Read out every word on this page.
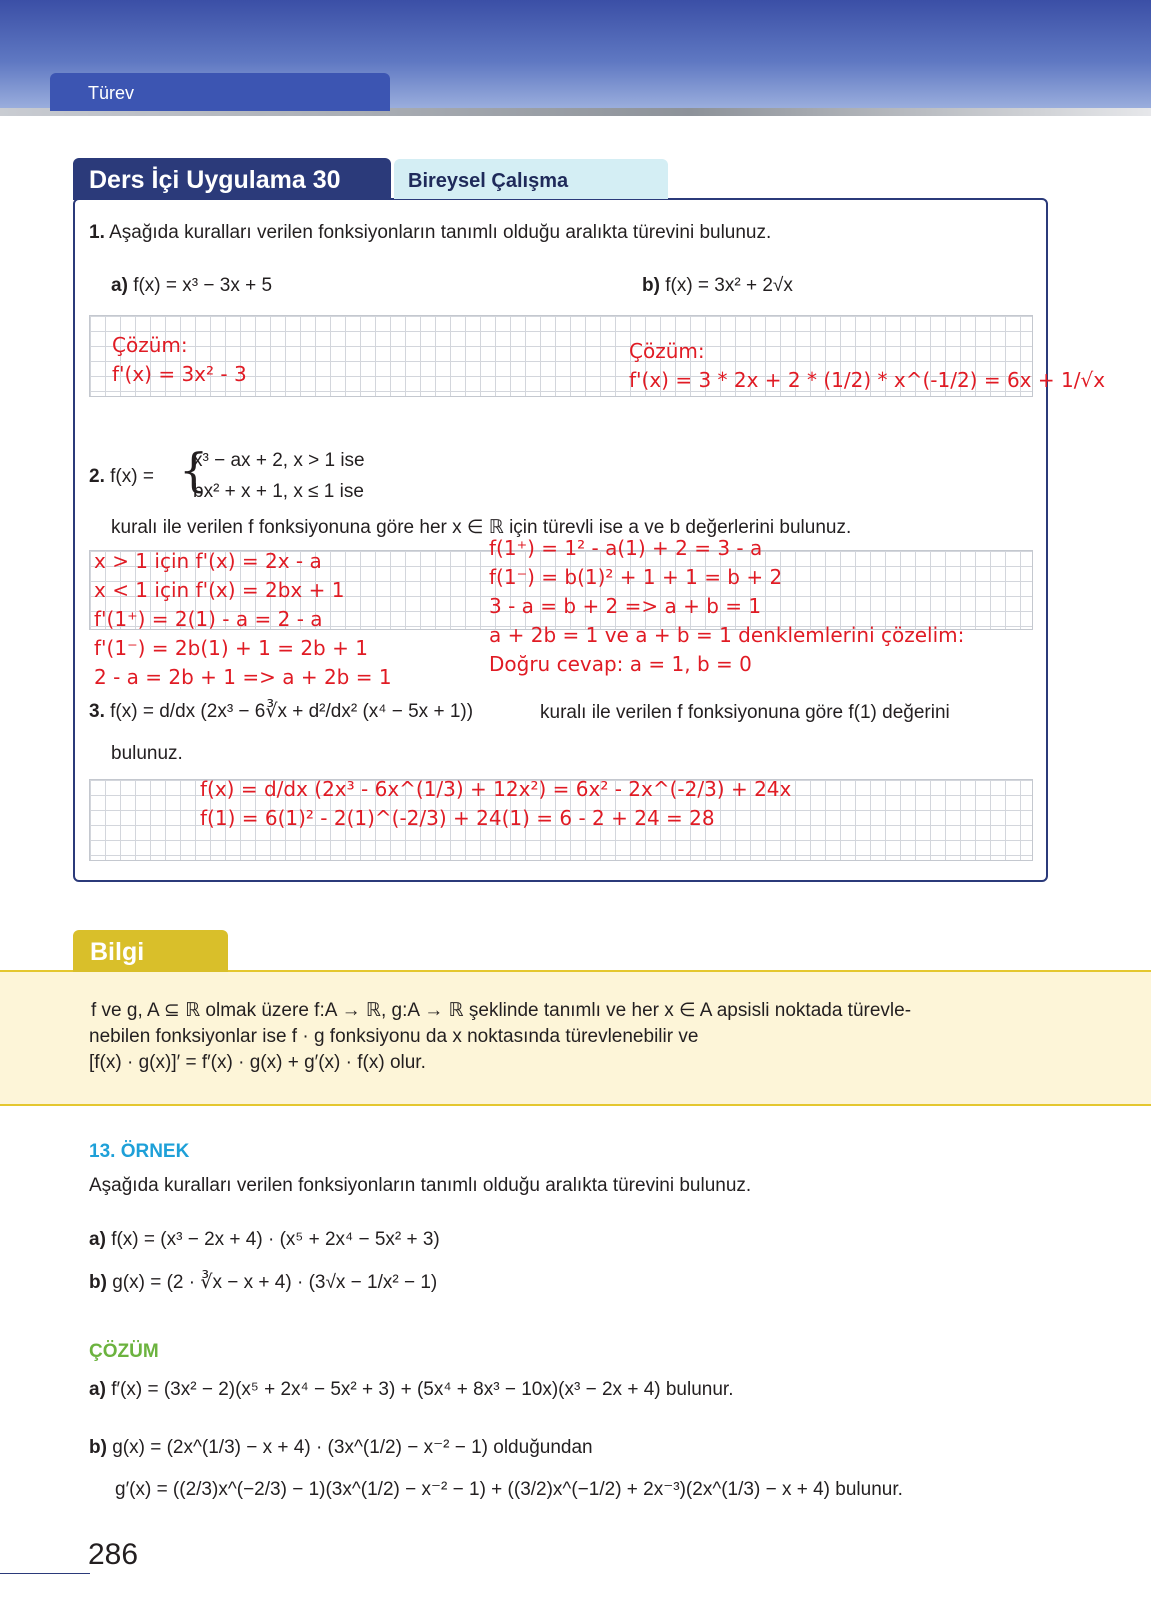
Türev
Ders İçi Uygulama 30	Bireysel Çalışma
1. Aşağıda kuralları verilen fonksiyonların tanımlı olduğu aralıkta türevini bulunuz.
a) f(x) = x³ − 3x + 5	b) f(x) = 3x² + 2√x
Çözüm:
f'(x) = 3x² - 3
Çözüm:
f'(x) = 3 * 2x + 2 * (1/2) * x^(-1/2) = 6x + 1/√x
2. f(x) = {
x³ − ax + 2, x > 1 ise
bx² + x + 1, x ≤ 1 ise
kuralı ile verilen f fonksiyonuna göre her x ∈ ℝ için türevli ise a ve b değerlerini bulunuz.
x > 1 için f'(x) = 2x - a
x < 1 için f'(x) = 2bx + 1
f'(1⁺) = 2(1) - a = 2 - a
f'(1⁻) = 2b(1) + 1 = 2b + 1
2 - a = 2b + 1 => a + 2b = 1
f(1⁺) = 1² - a(1) + 2 = 3 - a
f(1⁻) = b(1)² + 1 + 1 = b + 2
3 - a = b + 2 => a + b = 1
a + 2b = 1 ve a + b = 1 denklemlerini çözelim:
Doğru cevap: a = 1, b = 0
3. f(x) = d/dx (2x³ − 6∛x + d²/dx² (x⁴ − 5x + 1))	kuralı ile verilen f fonksiyonuna göre f(1) değerini
bulunuz.
f(x) = d/dx (2x³ - 6x^(1/3) + 12x²) = 6x² - 2x^(-2/3) + 24x
f(1) = 6(1)² - 2(1)^(-2/3) + 24(1) = 6 - 2 + 24 = 28
Bilgi
f ve g, A ⊆ ℝ olmak üzere f:A → ℝ, g:A → ℝ şeklinde tanımlı ve her x ∈ A apsisli noktada türevle-
nebilen fonksiyonlar ise f · g fonksiyonu da x noktasında türevlenebilir ve
[f(x) · g(x)]′ = f′(x) · g(x) + g′(x) · f(x) olur.
13. ÖRNEK
Aşağıda kuralları verilen fonksiyonların tanımlı olduğu aralıkta türevini bulunuz.
a) f(x) = (x³ − 2x + 4) · (x⁵ + 2x⁴ − 5x² + 3)
b) g(x) = (2 · ∛x − x + 4) · (3√x − 1/x² − 1)
ÇÖZÜM
a) f′(x) = (3x² − 2)(x⁵ + 2x⁴ − 5x² + 3) + (5x⁴ + 8x³ − 10x)(x³ − 2x + 4) bulunur.
b) g(x) = (2x^(1/3) − x + 4) · (3x^(1/2) − x⁻² − 1) olduğundan
g′(x) = ((2/3)x^(−2/3) − 1)(3x^(1/2) − x⁻² − 1) + ((3/2)x^(−1/2) + 2x⁻³)(2x^(1/3) − x + 4) bulunur.
286
